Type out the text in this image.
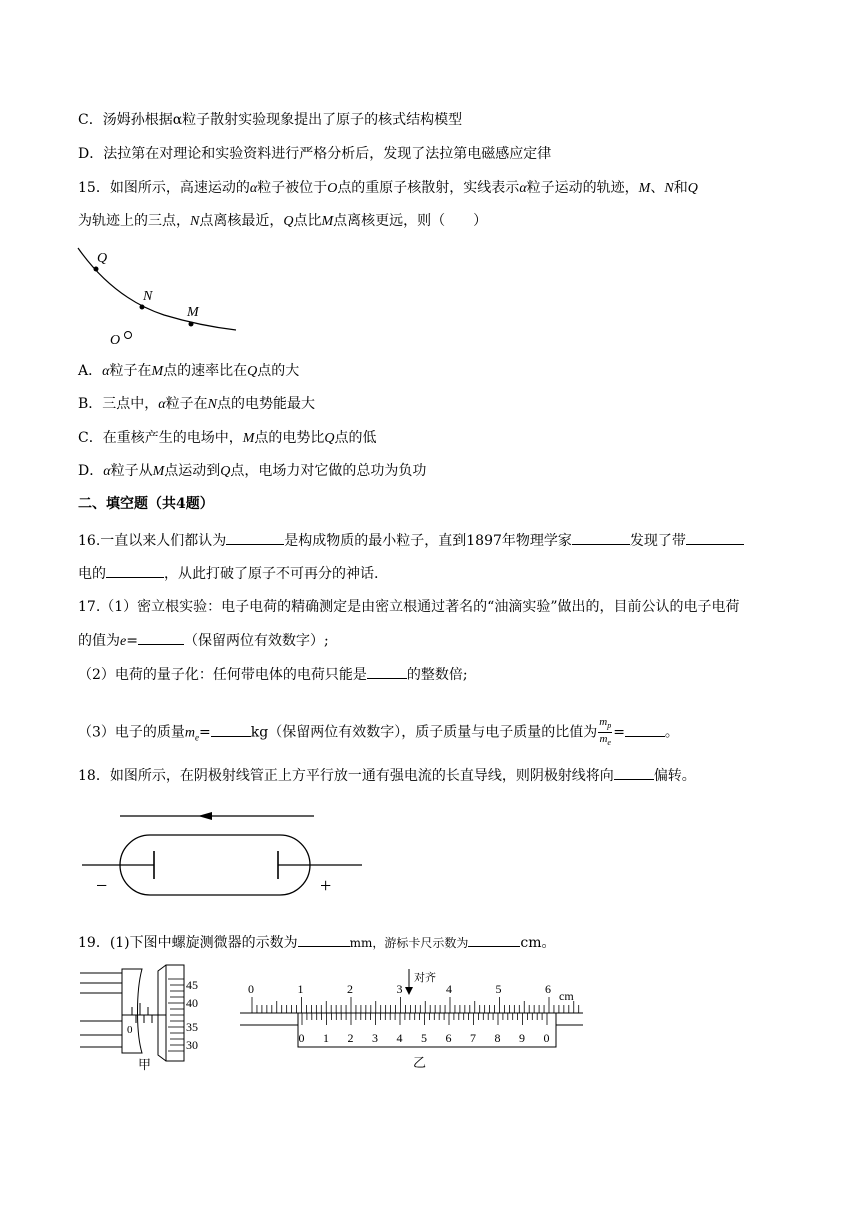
C．汤姆孙根据α粒子散射实验现象提出了原子的核式结构模型
D．法拉第在对理论和实验资料进行严格分析后，发现了法拉第电磁感应定律
15．如图所示，高速运动的α粒子被位于O点的重原子核散射，实线表示α粒子运动的轨迹，M、N和Q
为轨迹上的三点，N点离核最近，Q点比M点离核更远，则（　　）
Q
N
M
O
A．α粒子在M点的速率比在Q点的大
B．三点中，α粒子在N点的电势能最大
C．在重核产生的电场中，M点的电势比Q点的低
D．α粒子从M点运动到Q点，电场力对它做的总功为负功
二、填空题（共4题）
16.一直以来人们都认为	是构成物质的最小粒子，直到1897年物理学家	发现了带
电的	，从此打破了原子不可再分的神话.
17.（1）密立根实验：电子电荷的精确测定是由密立根通过著名的“油滴实验”做出的，目前公认的电子电荷
的值为e=	（保留两位有效数字）;
（2）电荷的量子化：任何带电体的电荷只能是	的整数倍;
（3）电子的质量$m_e=$	kg（保留两位有效数字），质子质量与电子质量的比值为 $\frac{m_p}{m_e}$ =	。
18．如图所示，在阴极射线管正上方平行放一通有强电流的长直导线，则阴极射线将向	偏转。
−	+
19．(1)下图中螺旋测微器的示数为	mm，游标卡尺示数为	cm。
0
45
40
35
30
甲
0	1	2	3	4	5	6 cm
对齐
0 1 2 3 4 5 6 7 8 9 0
乙
